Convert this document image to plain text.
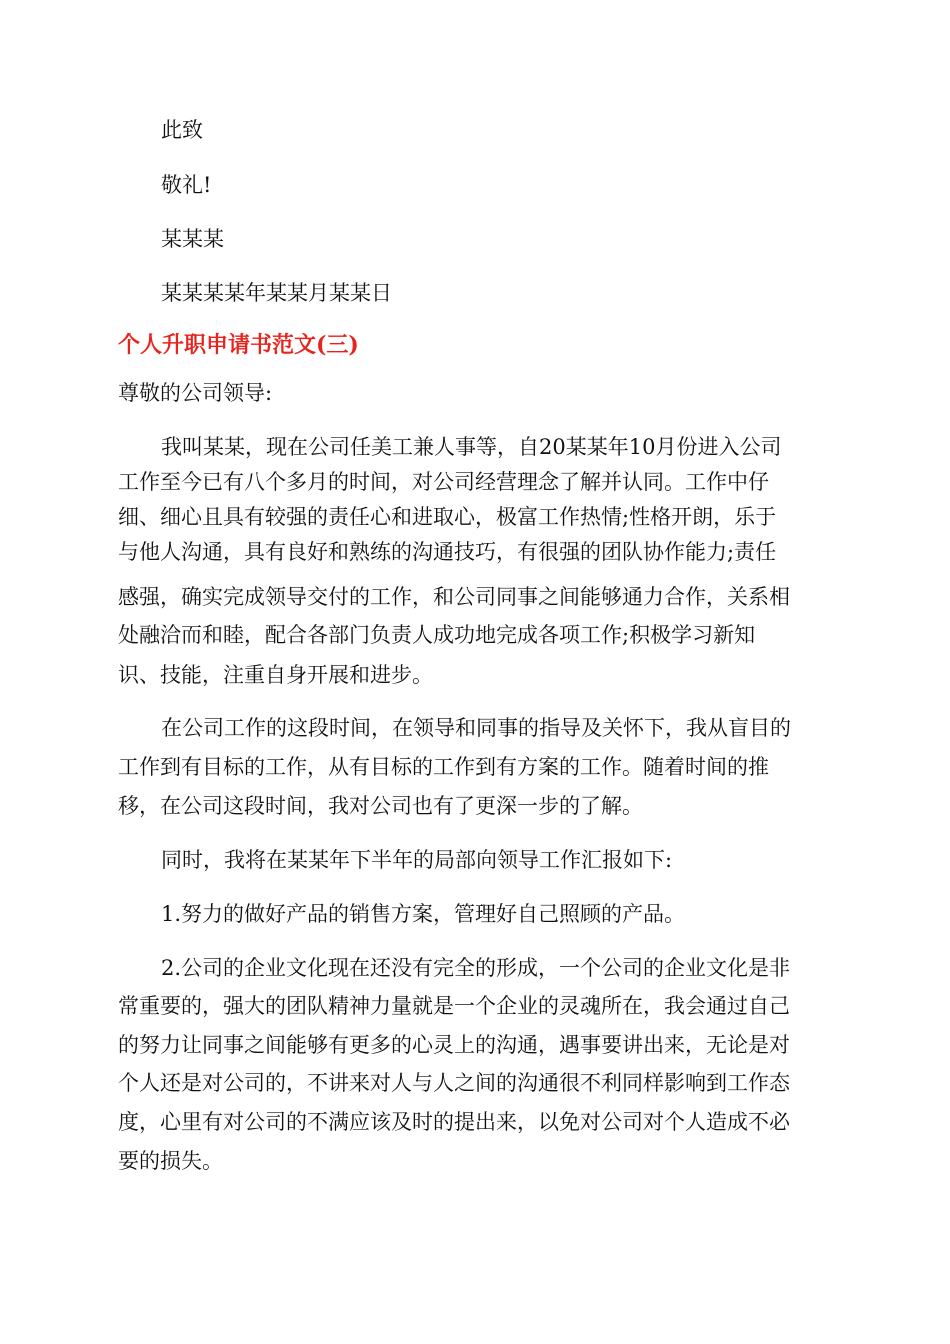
此致

敬礼!

某某某

某某某某年某某月某某日

个人升职申请书范文(三)

尊敬的公司领导:

我叫某某，现在公司任美工兼人事等，自20某某年10月份进入公司

工作至今已有八个多月的时间，对公司经营理念了解并认同。工作中仔

细、细心且具有较强的责任心和进取心，极富工作热情;性格开朗，乐于

与他人沟通，具有良好和熟练的沟通技巧，有很强的团队协作能力;责任

感强，确实完成领导交付的工作，和公司同事之间能够通力合作，关系相

处融洽而和睦，配合各部门负责人成功地完成各项工作;积极学习新知

识、技能，注重自身开展和进步。

在公司工作的这段时间，在领导和同事的指导及关怀下，我从盲目的

工作到有目标的工作，从有目标的工作到有方案的工作。随着时间的推

移，在公司这段时间，我对公司也有了更深一步的了解。

同时，我将在某某年下半年的局部向领导工作汇报如下:

1.努力的做好产品的销售方案，管理好自己照顾的产品。

2.公司的企业文化现在还没有完全的形成，一个公司的企业文化是非

常重要的，强大的团队精神力量就是一个企业的灵魂所在，我会通过自己

的努力让同事之间能够有更多的心灵上的沟通，遇事要讲出来，无论是对

个人还是对公司的，不讲来对人与人之间的沟通很不利同样影响到工作态

度，心里有对公司的不满应该及时的提出来，以免对公司对个人造成不必

要的损失。
